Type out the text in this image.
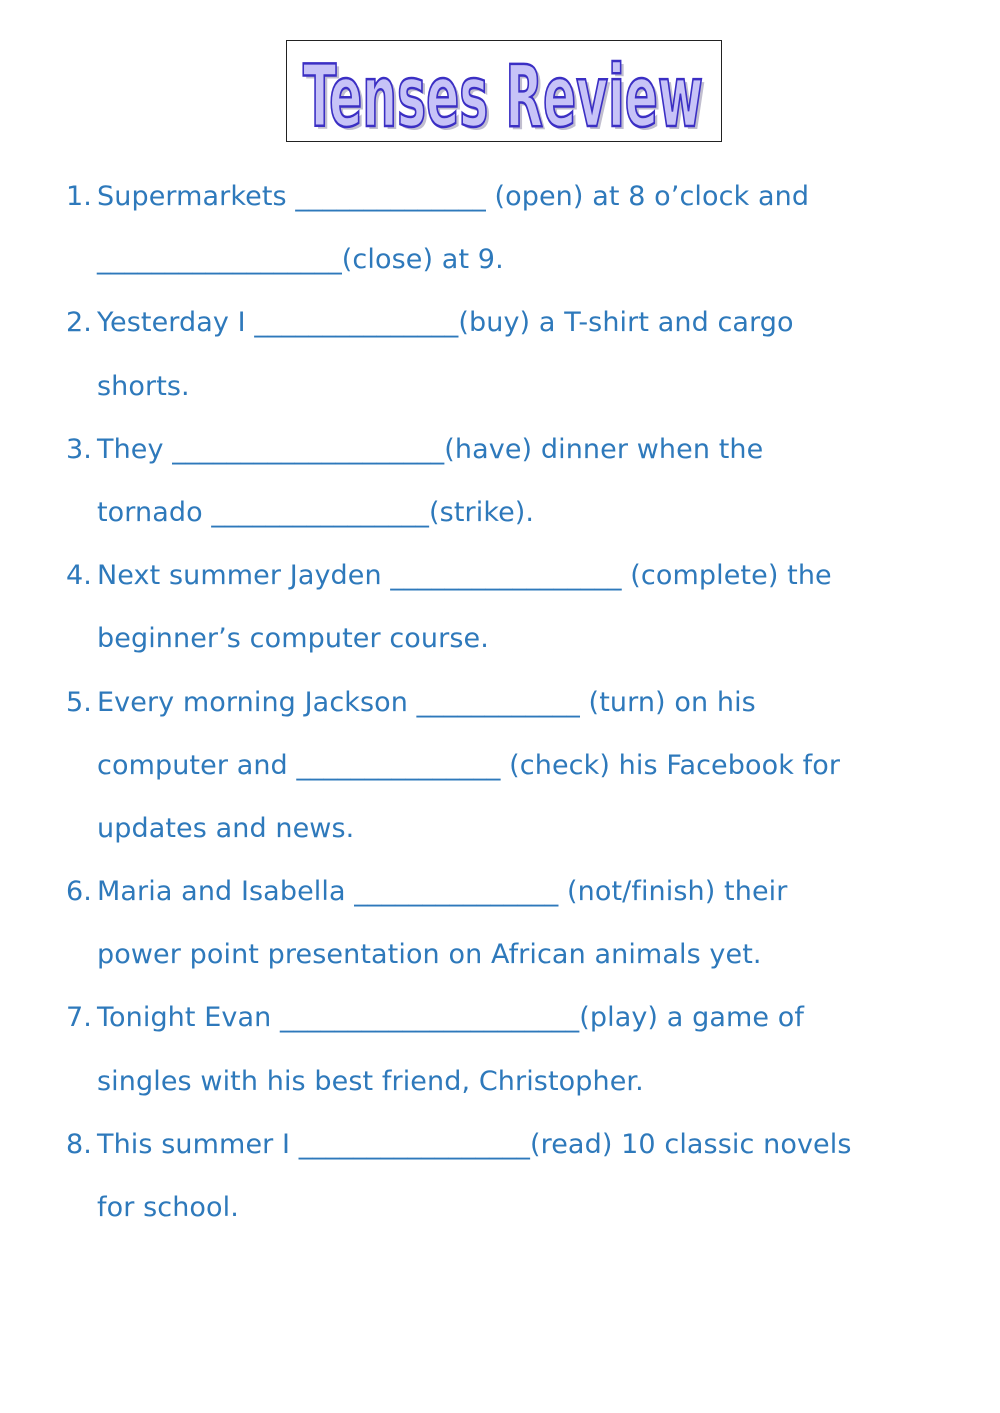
Tenses Review
Tenses Review
1. Supermarkets ______________ (open) at 8 o’clock and
__________________(close) at 9.
2. Yesterday I _______________(buy) a T-shirt and cargo
shorts.
3. They ____________________(have) dinner when the
tornado ________________(strike).
4. Next summer Jayden _________________ (complete) the
beginner’s computer course.
5. Every morning Jackson ____________ (turn) on his
computer and _______________ (check) his Facebook for
updates and news.
6. Maria and Isabella _______________ (not/finish) their
power point presentation on African animals yet.
7. Tonight Evan ______________________(play) a game of
singles with his best friend, Christopher.
8. This summer I _________________(read) 10 classic novels
for school.
